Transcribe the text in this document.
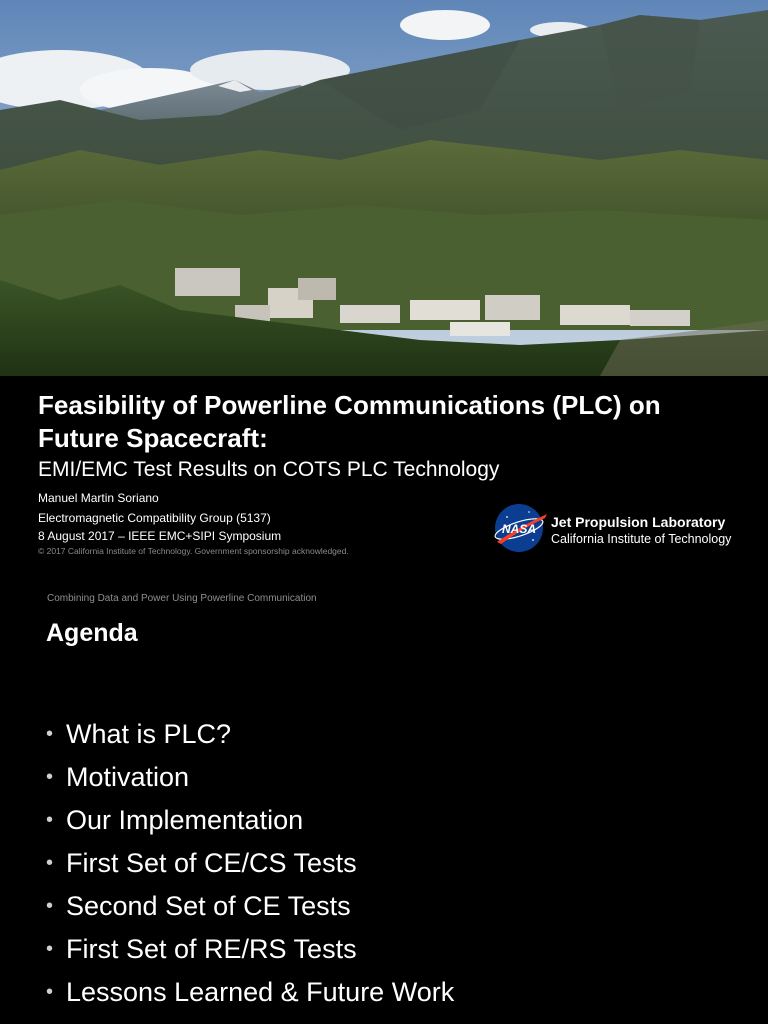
Feasibility of Powerline Communications (PLC) on Future Spacecraft:
EMI/EMC Test Results on COTS PLC Technology
Manuel Martin Soriano
Electromagnetic Compatibility Group (5137)
8 August 2017 – IEEE EMC+SIPI Symposium
© 2017 California Institute of Technology. Government sponsorship acknowledged.
NASA Jet Propulsion Laboratory
California Institute of Technology
Combining Data and Power Using Powerline Communication
Agenda
• What is PLC?
• Motivation
• Our Implementation
• First Set of CE/CS Tests
• Second Set of CE Tests
• First Set of RE/RS Tests
• Lessons Learned & Future Work
